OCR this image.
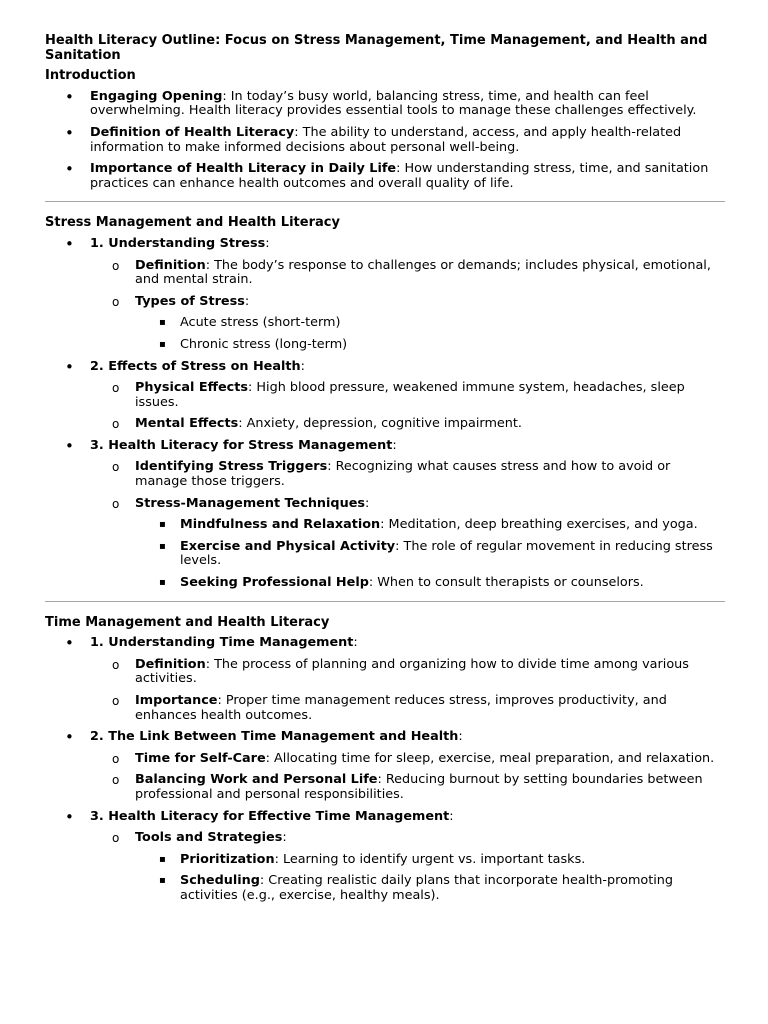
Health Literacy Outline: Focus on Stress Management, Time Management, and Health and Sanitation
Introduction
• Engaging Opening: In today’s busy world, balancing stress, time, and health can feel overwhelming. Health literacy provides essential tools to manage these challenges effectively.
• Definition of Health Literacy: The ability to understand, access, and apply health-related information to make informed decisions about personal well-being.
• Importance of Health Literacy in Daily Life: How understanding stress, time, and sanitation practices can enhance health outcomes and overall quality of life.
Stress Management and Health Literacy
• 1. Understanding Stress:
o Definition: The body’s response to challenges or demands; includes physical, emotional, and mental strain.
o Types of Stress:
▪ Acute stress (short-term)
▪ Chronic stress (long-term)
• 2. Effects of Stress on Health:
o Physical Effects: High blood pressure, weakened immune system, headaches, sleep issues.
o Mental Effects: Anxiety, depression, cognitive impairment.
• 3. Health Literacy for Stress Management:
o Identifying Stress Triggers: Recognizing what causes stress and how to avoid or manage those triggers.
o Stress-Management Techniques:
▪ Mindfulness and Relaxation: Meditation, deep breathing exercises, and yoga.
▪ Exercise and Physical Activity: The role of regular movement in reducing stress levels.
▪ Seeking Professional Help: When to consult therapists or counselors.
Time Management and Health Literacy
• 1. Understanding Time Management:
o Definition: The process of planning and organizing how to divide time among various activities.
o Importance: Proper time management reduces stress, improves productivity, and enhances health outcomes.
• 2. The Link Between Time Management and Health:
o Time for Self-Care: Allocating time for sleep, exercise, meal preparation, and relaxation.
o Balancing Work and Personal Life: Reducing burnout by setting boundaries between professional and personal responsibilities.
• 3. Health Literacy for Effective Time Management:
o Tools and Strategies:
▪ Prioritization: Learning to identify urgent vs. important tasks.
▪ Scheduling: Creating realistic daily plans that incorporate health-promoting activities (e.g., exercise, healthy meals).
